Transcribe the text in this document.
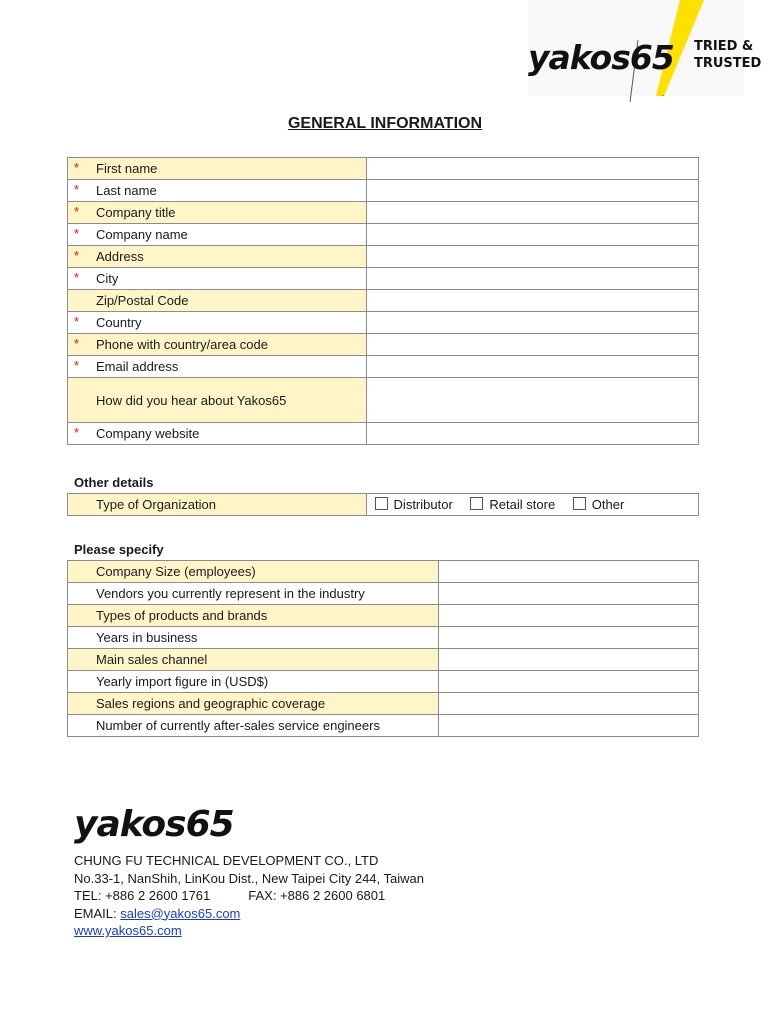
yakos65 TRIED &
TRUSTED
GENERAL INFORMATION
* First name	

* Last name	

* Company title	

* Company name	

* Address	

* City	
Zip/Postal Code	

* Country	

* Phone with country/area code	

* Email address	
How did you hear about Yakos65	

* Company website	
Other details
Type of Organization	Distributor	Retail store	Other
Please specify
Company Size (employees)	
Vendors you currently represent in the industry	
Types of products and brands	
Years in business	
Main sales channel	
Yearly import figure in (USD$)	
Sales regions and geographic coverage	
Number of currently after-sales service engineers	
yakos65
CHUNG FU TECHNICAL DEVELOPMENT CO., LTD
No.33-1, NanShih, LinKou Dist., New Taipei City 244, Taiwan
TEL: +886 2 2600 1761	FAX: +886 2 2600 6801
EMAIL: sales@yakos65.com
www.yakos65.com
